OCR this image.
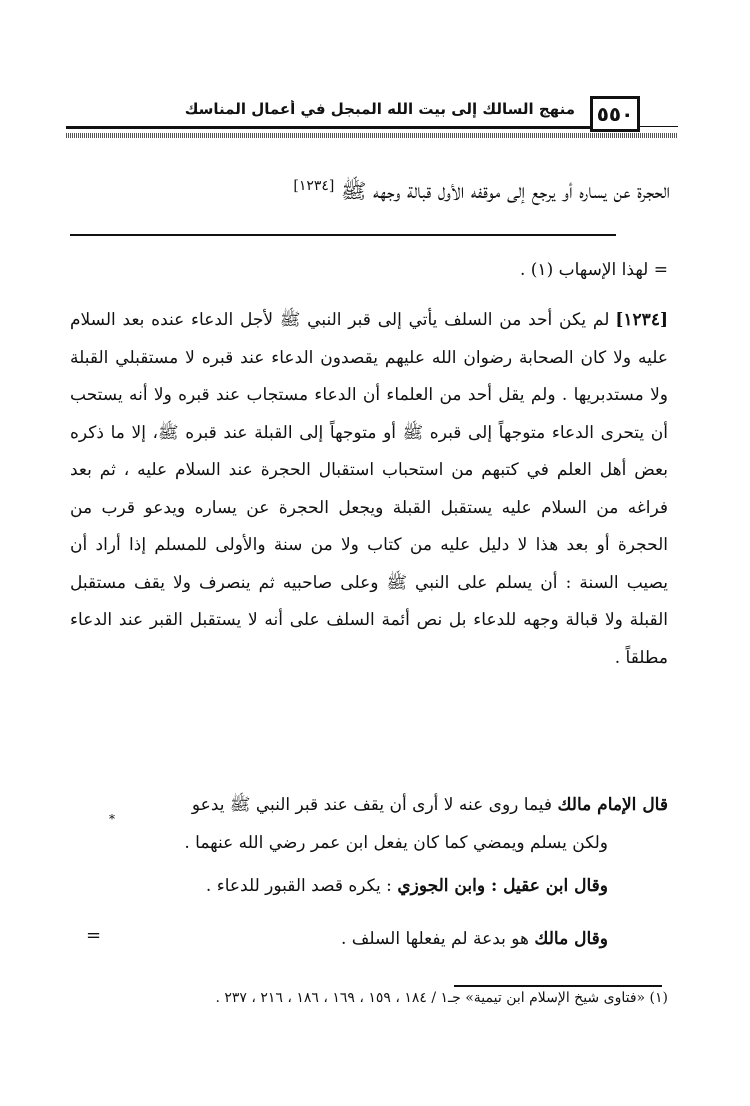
منهج السالك إلى بيت الله المبجل في أعمال المناسك	٥٥٠
الحجرة عن يساره أو يرجع إلى موقفه الأول قبالة وجهه ﷺ [١٢٣٤]
= لهذا الإسهاب (١) .
[١٢٣٤]لم يكن أحد من السلف يأتي إلى قبر النبي ﷺ لأجل الدعاء عنده بعد السلام عليه ولا كان الصحابة رضوان الله عليهم يقصدون الدعاء عند قبره لا مستقبلي القبلة ولا مستدبريها . ولم يقل أحد من العلماء أن الدعاء مستجاب عند قبره ولا أنه يستحب أن يتحرى الدعاء متوجهاً إلى قبره ﷺ أو متوجهاً إلى القبلة عند قبره ﷺ، إلا ما ذكره بعض أهل العلم في كتبهم من استحباب استقبال الحجرة عند السلام عليه ، ثم بعد فراغه من السلام عليه يستقبل القبلة ويجعل الحجرة عن يساره ويدعو قرب من الحجرة أو بعد هذا لا دليل عليه من كتاب ولا من سنة والأولى للمسلم إذا أراد أن يصيب السنة : أن يسلم على النبي ﷺ وعلى صاحبيه ثم ينصرف ولا يقف مستقبل القبلة ولا قبالة وجهه للدعاء بل نص أئمة السلف على أنه لا يستقبل القبر عند الدعاء مطلقاً .
قال الإمام مالك فيما روى عنه لا أرى أن يقف عند قبر النبي ﷺ يدعو
ولكن يسلم ويمضي كما كان يفعل ابن عمر رضي الله عنهما .
*
وقال ابن عقيل : وابن الجوزي : يكره قصد القبور للدعاء .
وقال مالك هو بدعة لم يفعلها السلف .
=
(١) «فتاوى شيخ الإسلام ابن تيمية» جـ١ / ١٨٤ ، ١٥٩ ، ١٦٩ ، ١٨٦ ، ٢١٦ ، ٢٣٧ .
